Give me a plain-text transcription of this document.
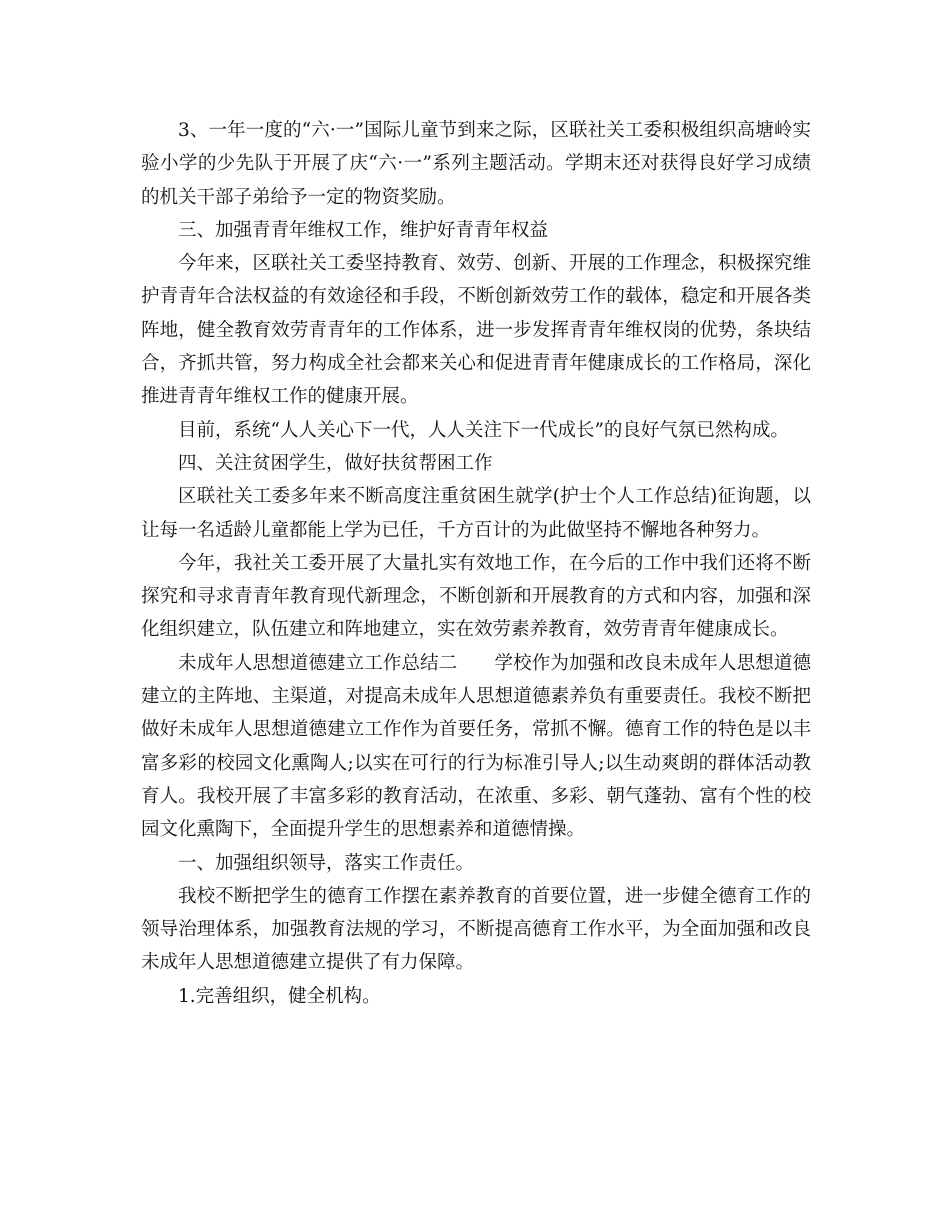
3、一年一度的“六·一”国际儿童节到来之际，区联社关工委积极组织高塘岭实验小学的少先队于开展了庆“六·一”系列主题活动。学期末还对获得良好学习成绩的机关干部子弟给予一定的物资奖励。

三、加强青青年维权工作，维护好青青年权益

今年来，区联社关工委坚持教育、效劳、创新、开展的工作理念，积极探究维护青青年合法权益的有效途径和手段，不断创新效劳工作的载体，稳定和开展各类阵地，健全教育效劳青青年的工作体系，进一步发挥青青年维权岗的优势，条块结合，齐抓共管，努力构成全社会都来关心和促进青青年健康成长的工作格局，深化推进青青年维权工作的健康开展。

目前，系统“人人关心下一代，人人关注下一代成长”的良好气氛已然构成。

四、关注贫困学生，做好扶贫帮困工作

区联社关工委多年来不断高度注重贫困生就学(护士个人工作总结)征询题，以让每一名适龄儿童都能上学为已任，千方百计的为此做坚持不懈地各种努力。

今年，我社关工委开展了大量扎实有效地工作，在今后的工作中我们还将不断探究和寻求青青年教育现代新理念，不断创新和开展教育的方式和内容，加强和深化组织建立，队伍建立和阵地建立，实在效劳素养教育，效劳青青年健康成长。

未成年人思想道德建立工作总结二　　学校作为加强和改良未成年人思想道德建立的主阵地、主渠道，对提高未成年人思想道德素养负有重要责任。我校不断把做好未成年人思想道德建立工作作为首要任务，常抓不懈。德育工作的特色是以丰富多彩的校园文化熏陶人;以实在可行的行为标准引导人;以生动爽朗的群体活动教育人。我校开展了丰富多彩的教育活动，在浓重、多彩、朝气蓬勃、富有个性的校园文化熏陶下，全面提升学生的思想素养和道德情操。

一、加强组织领导，落实工作责任。

我校不断把学生的德育工作摆在素养教育的首要位置，进一步健全德育工作的领导治理体系，加强教育法规的学习，不断提高德育工作水平，为全面加强和改良未成年人思想道德建立提供了有力保障。

1.完善组织，健全机构。
